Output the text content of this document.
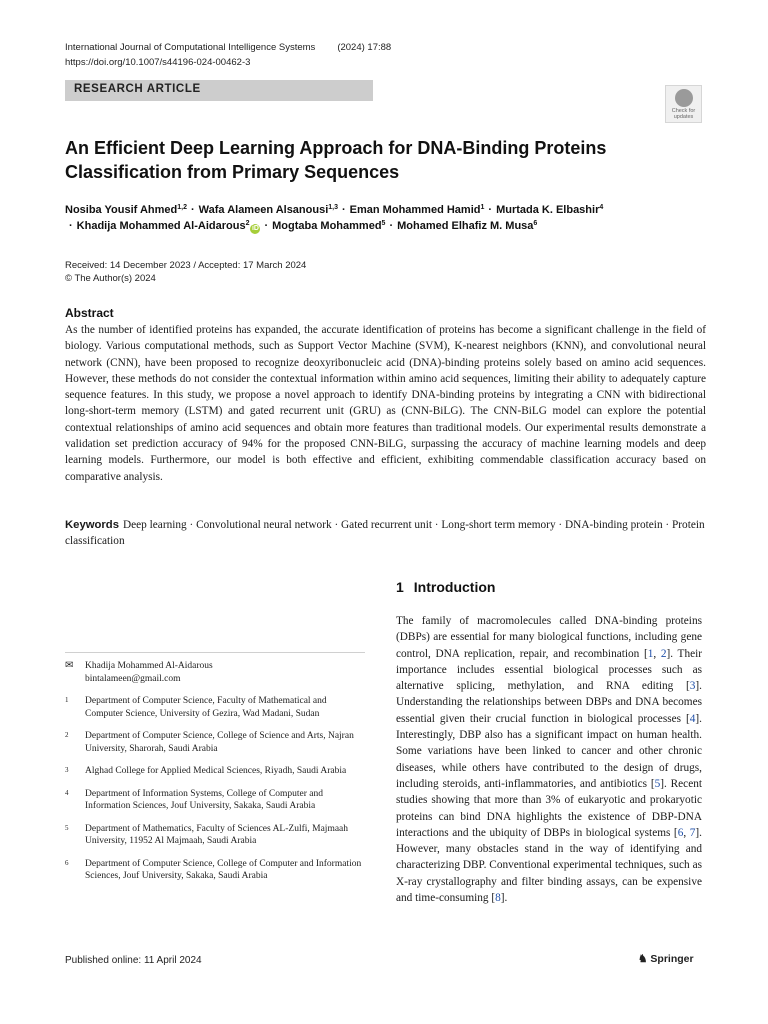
International Journal of Computational Intelligence Systems (2024) 17:88
https://doi.org/10.1007/s44196-024-00462-3
RESEARCH ARTICLE
Check for updates
An Efficient Deep Learning Approach for DNA-Binding Proteins Classification from Primary Sequences
Nosiba Yousif Ahmed$^{1,2}$ · Wafa Alameen Alsanousi$^{1,3}$ · Eman Mohammed Hamid$^1$ · Murtada K. Elbashir$^4$
· Khadija Mohammed Al-Aidarous$^2$iD · Mogtaba Mohammed$^5$ · Mohamed Elhafiz M. Musa$^6$
Received: 14 December 2023 / Accepted: 17 March 2024
© The Author(s) 2024
Abstract

As the number of identified proteins has expanded, the accurate identification of proteins has become a significant challenge in the field of biology. Various computational methods, such as Support Vector Machine (SVM), K-nearest neighbors (KNN), and convolutional neural network (CNN), have been proposed to recognize deoxyribonucleic acid (DNA)-binding proteins solely based on amino acid sequences. However, these methods do not consider the contextual information within amino acid sequences, limiting their ability to adequately capture sequence features. In this study, we propose a novel approach to identify DNA-binding proteins by integrating a CNN with bidirectional long-short-term memory (LSTM) and gated recurrent unit (GRU) as (CNN-BiLG). The CNN-BiLG model can explore the potential contextual relationships of amino acid sequences and obtain more features than traditional models. Our experimental results demonstrate a validation set prediction accuracy of 94% for the proposed CNN-BiLG, surpassing the accuracy of machine learning models and deep learning models. Furthermore, our model is both effective and efficient, exhibiting commendable classification accuracy based on comparative analysis.

Keywords Deep learning · Convolutional neural network · Gated recurrent unit · Long-short term memory · DNA-binding protein · Protein classification
1 Introduction

The family of macromolecules called DNA-binding proteins (DBPs) are essential for many biological functions, including gene control, DNA replication, repair, and recombination [1, 2]. Their importance includes essential biological processes such as alternative splicing, methylation, and RNA editing [3]. Understanding the relationships between DBPs and DNA becomes essential given their crucial function in biological processes [4]. Interestingly, DBP also has a significant impact on human health. Some variations have been linked to cancer and other chronic diseases, while others have contributed to the design of drugs, including steroids, anti-inflammatories, and antibiotics [5]. Recent studies showing that more than 3% of eukaryotic and prokaryotic proteins can bind DNA highlights the existence of DBP-DNA interactions and the ubiquity of DBPs in biological systems [6, 7]. However, many obstacles stand in the way of identifying and characterizing DBP. Conventional experimental techniques, such as X-ray crystallography and filter binding assays, can be expensive and time-consuming [8].

✉ Khadija Mohammed Al-Aidarous
bintalameen@gmail.com
1 Department of Computer Science, Faculty of Mathematical and Computer Science, University of Gezira, Wad Madani, Sudan
2 Department of Computer Science, College of Science and Arts, Najran University, Sharorah, Saudi Arabia
3 Alghad College for Applied Medical Sciences, Riyadh, Saudi Arabia
4 Department of Information Systems, College of Computer and Information Sciences, Jouf University, Sakaka, Saudi Arabia
5 Department of Mathematics, Faculty of Sciences AL-Zulfi, Majmaah University, 11952 Al Majmaah, Saudi Arabia
6 Department of Computer Science, College of Computer and Information Sciences, Jouf University, Sakaka, Saudi Arabia
Published online: 11 April 2024	♞ Springer
